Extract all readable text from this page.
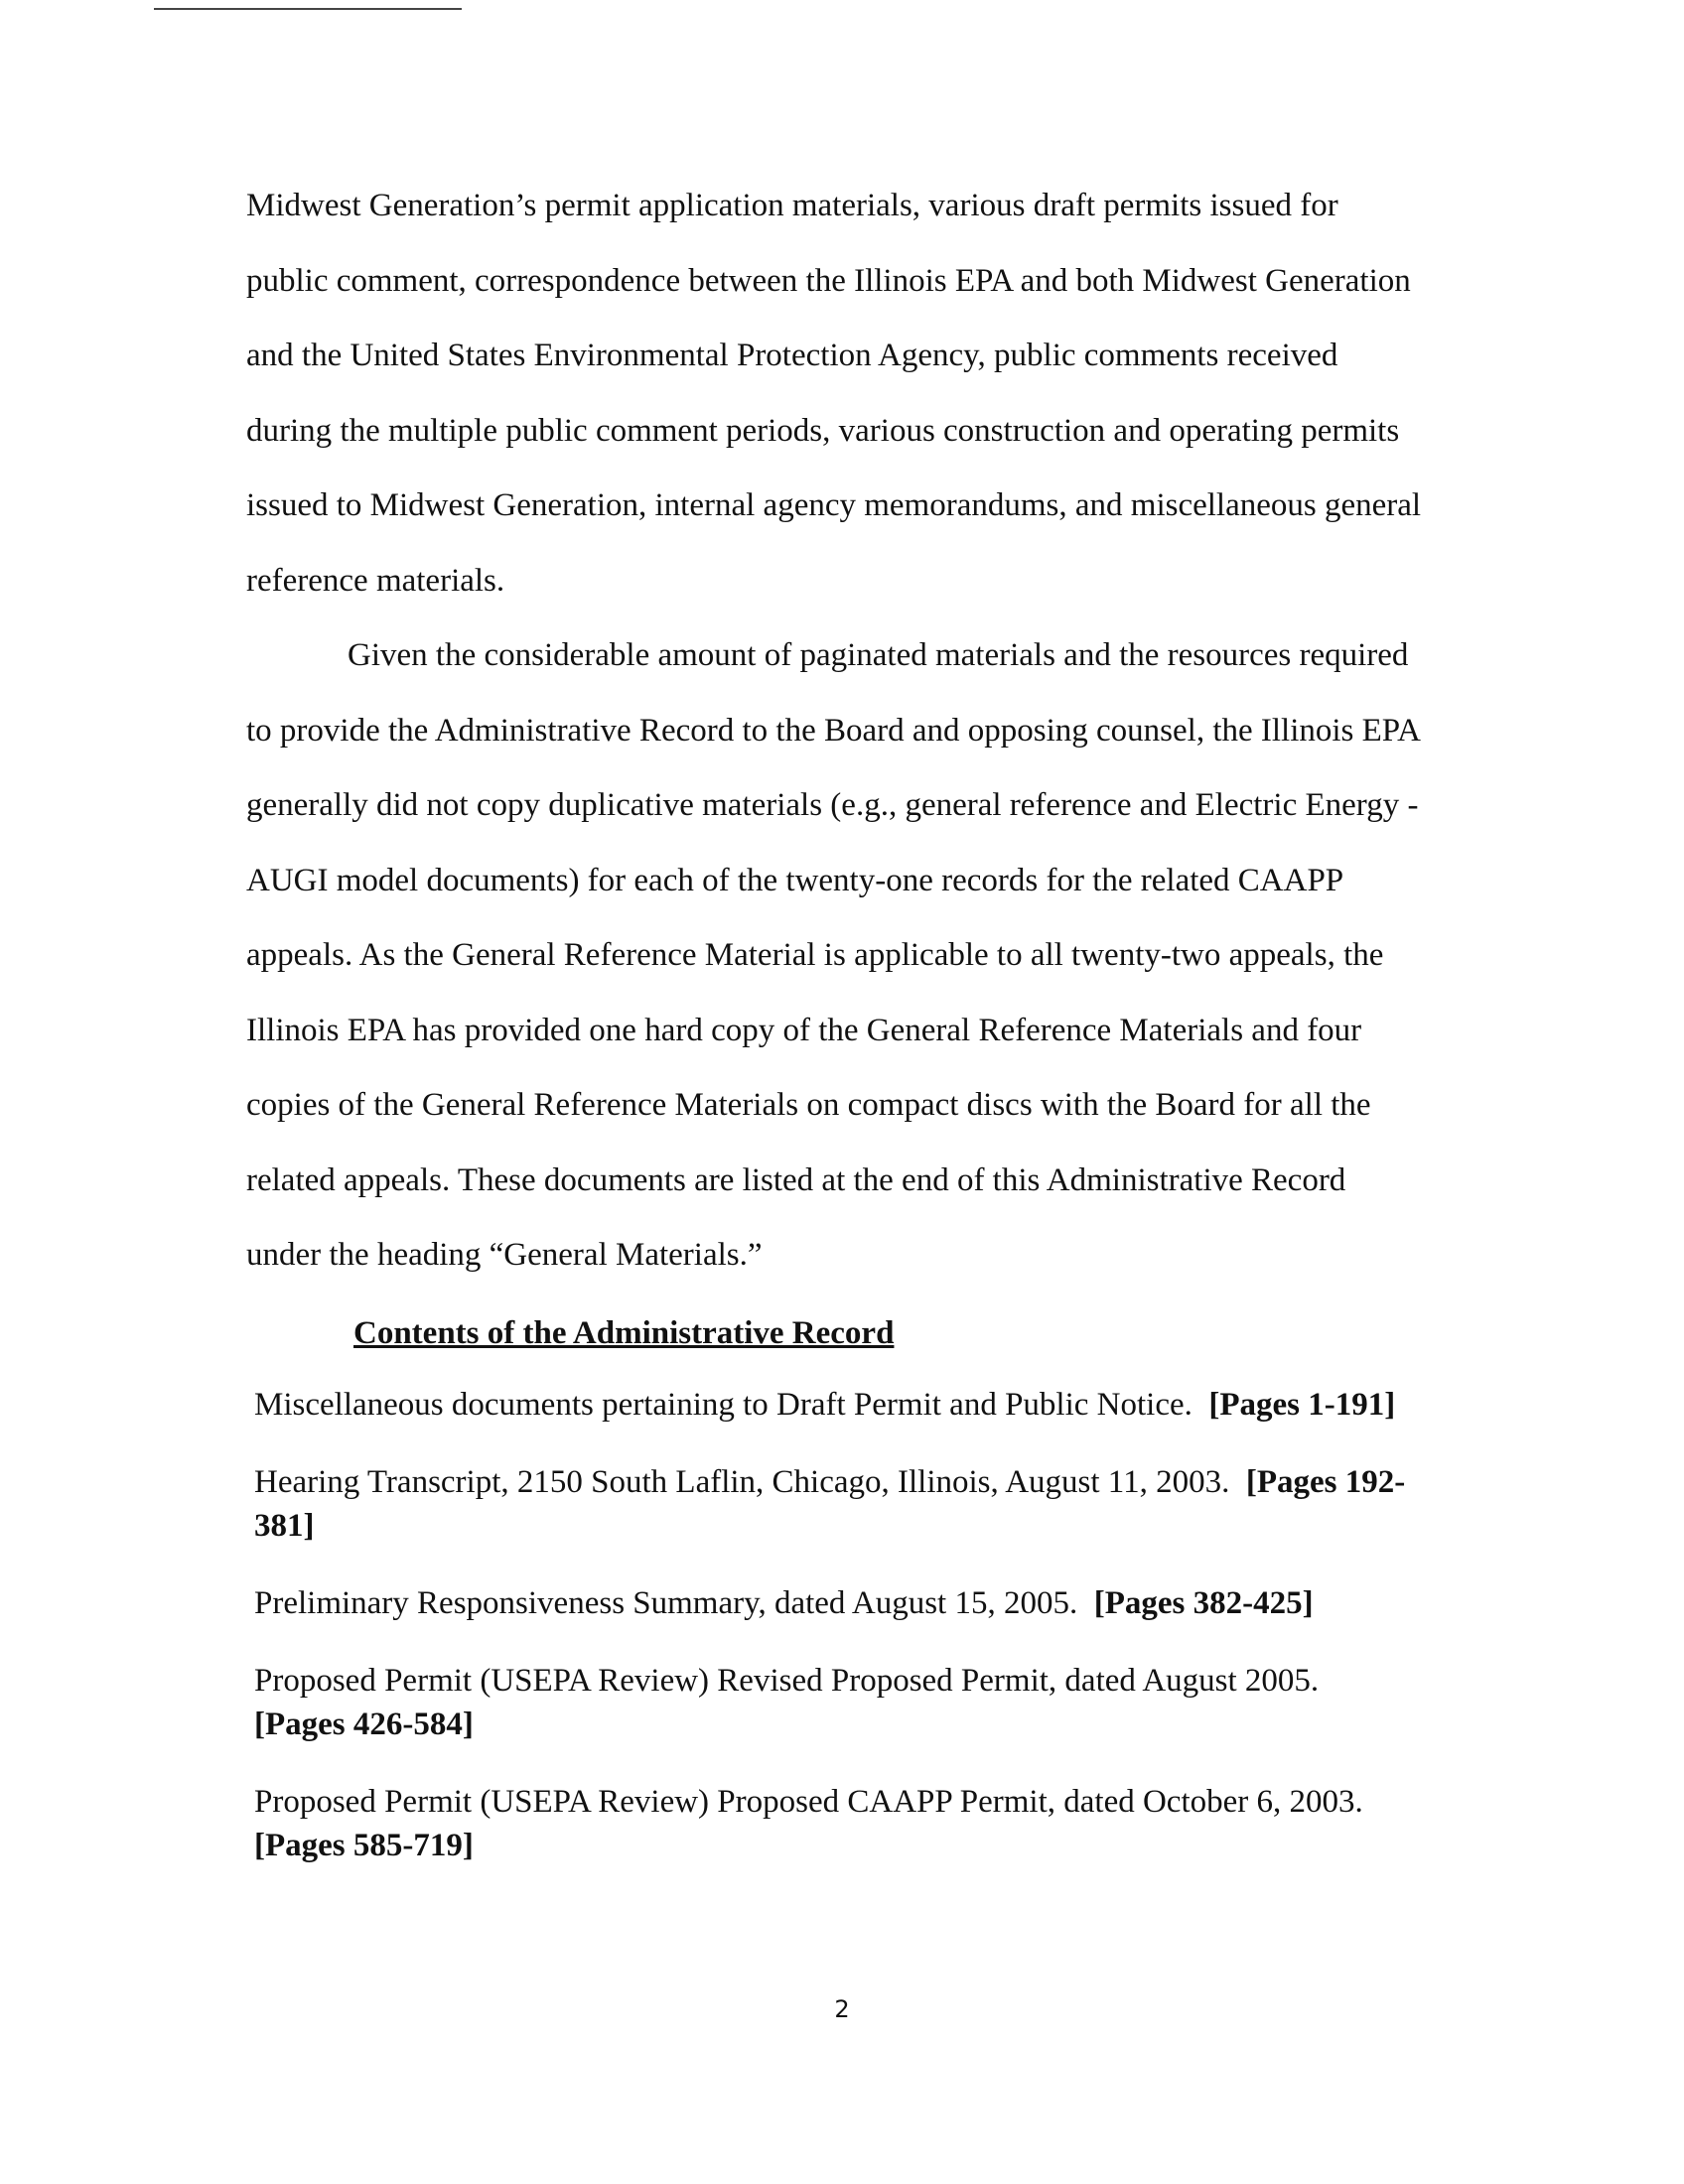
Midwest Generation’s permit application materials, various draft permits issued for public comment, correspondence between the Illinois EPA and both Midwest Generation and the United States Environmental Protection Agency, public comments received during the multiple public comment periods, various construction and operating permits issued to Midwest Generation, internal agency memorandums, and miscellaneous general reference materials.

Given the considerable amount of paginated materials and the resources required to provide the Administrative Record to the Board and opposing counsel, the Illinois EPA generally did not copy duplicative materials (e.g., general reference and Electric Energy - AUGI model documents) for each of the twenty-one records for the related CAAPP appeals. As the General Reference Material is applicable to all twenty-two appeals, the Illinois EPA has provided one hard copy of the General Reference Materials and four copies of the General Reference Materials on compact discs with the Board for all the related appeals. These documents are listed at the end of this Administrative Record under the heading “General Materials.”

Contents of the Administrative Record

Miscellaneous documents pertaining to Draft Permit and Public Notice. [Pages 1-191]

Hearing Transcript, 2150 South Laflin, Chicago, Illinois, August 11, 2003. [Pages 192-381]

Preliminary Responsiveness Summary, dated August 15, 2005. [Pages 382-425]

Proposed Permit (USEPA Review) Revised Proposed Permit, dated August 2005.
[Pages 426-584]

Proposed Permit (USEPA Review) Proposed CAAPP Permit, dated October 6, 2003.
[Pages 585-719]

2
